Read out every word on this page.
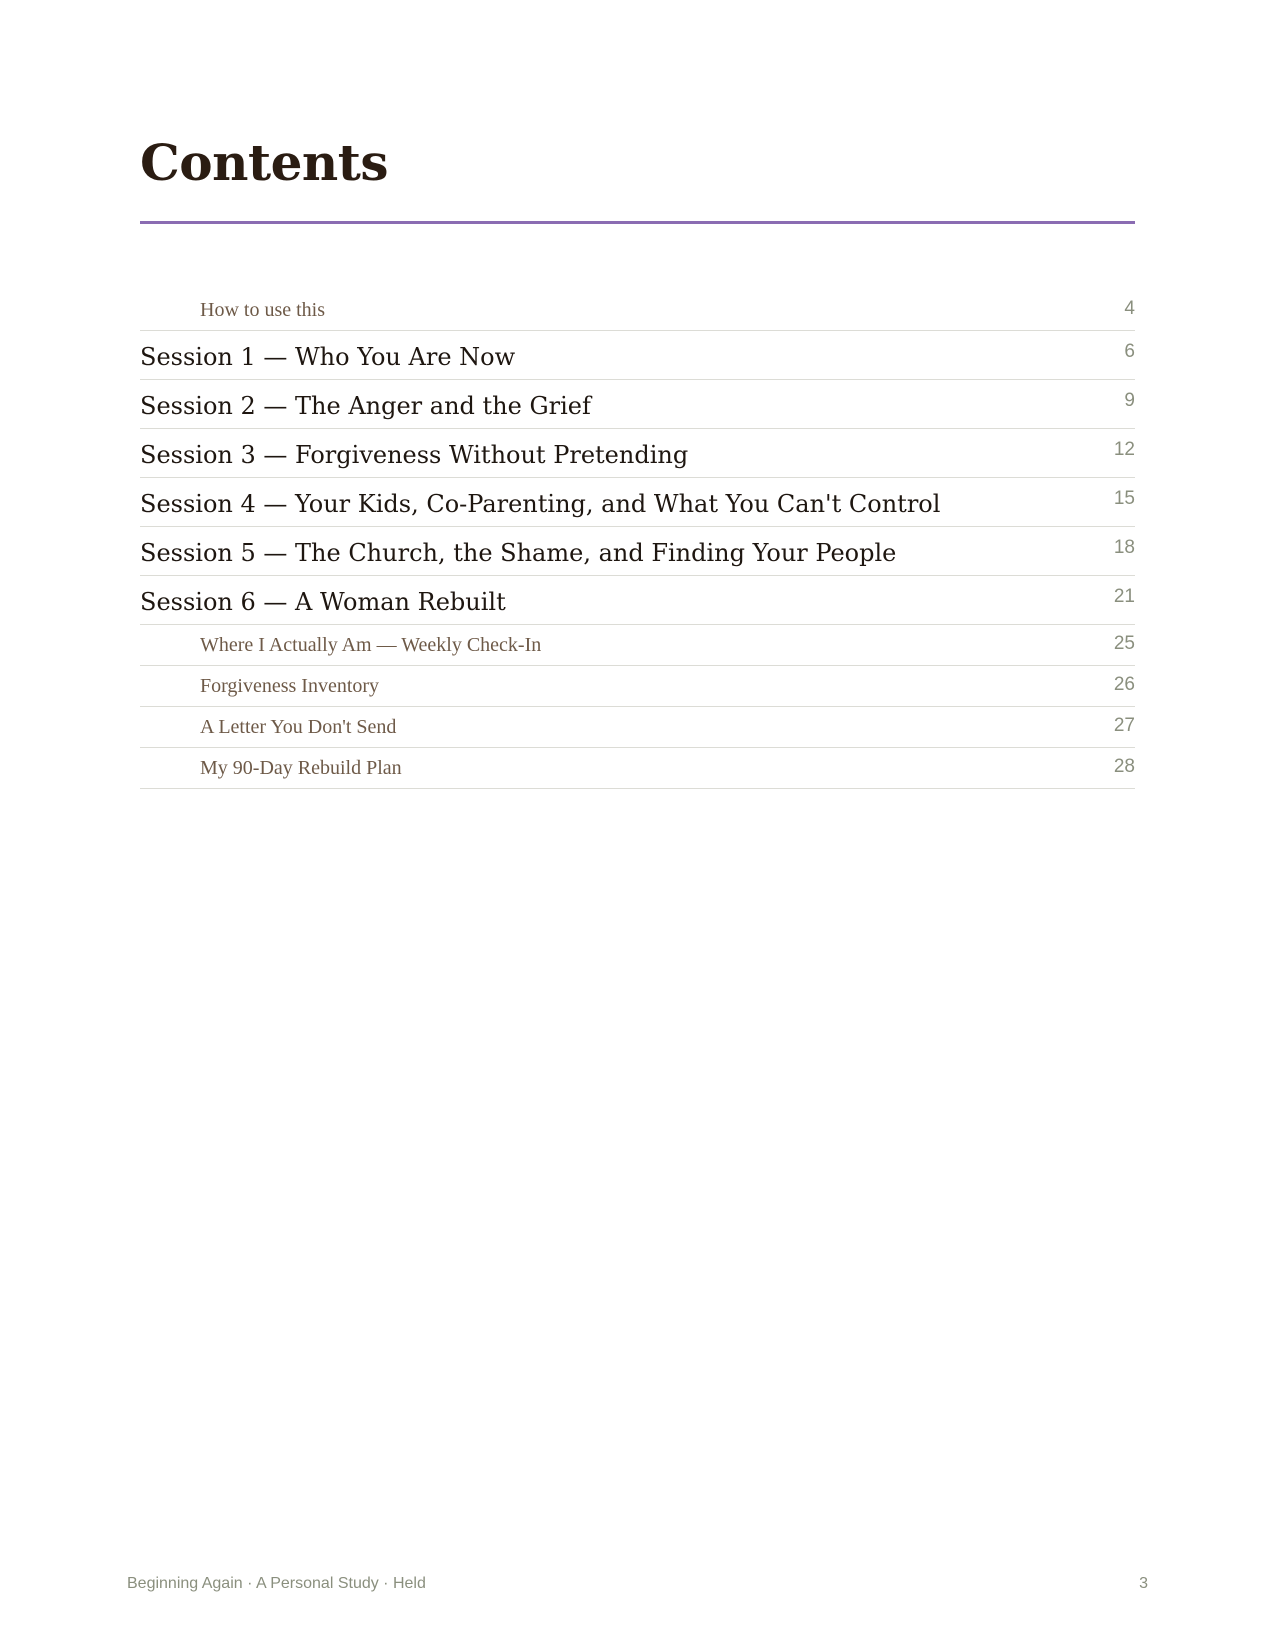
Contents
How to use this	4
Session 1 — Who You Are Now	6
Session 2 — The Anger and the Grief	9
Session 3 — Forgiveness Without Pretending	12
Session 4 — Your Kids, Co-Parenting, and What You Can't Control	15
Session 5 — The Church, the Shame, and Finding Your People	18
Session 6 — A Woman Rebuilt	21
Where I Actually Am — Weekly Check-In	25
Forgiveness Inventory	26
A Letter You Don't Send	27
My 90-Day Rebuild Plan	28
Beginning Again · A Personal Study · Held	3
